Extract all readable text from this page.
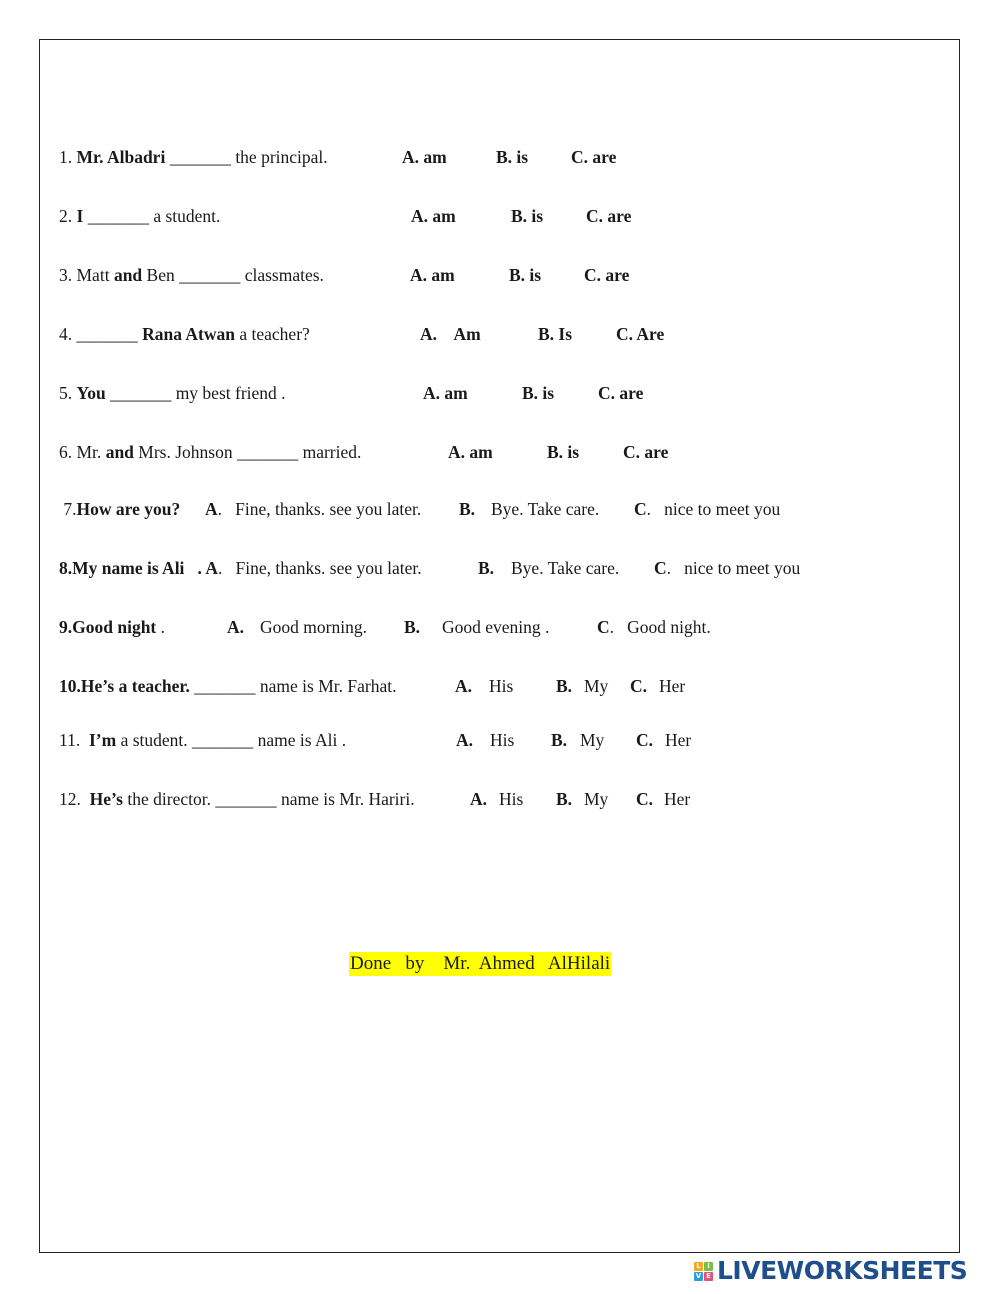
1. Mr. Albadri _______ the principal.	A. am	B. is C. are
2. I _______ a student.	A. am	B. is C. are
3. Matt and Ben _______ classmates.	A. am	B. is C. are
4. _______ Rana Atwan a teacher?	A.    Am	B. Is	C. Are
5. You _______ my best friend .	A. am	B. is	C. are
6. Mr. and Mrs. Johnson _______ married.	A. am	B. is	C. are
7.How are you? A.   Fine, thanks. see you later. B. Bye. Take care. C.   nice to meet you
8.My name is Ali   . A.   Fine, thanks. see you later.	B. Bye. Take care. C.   nice to meet you
9.Good night .	A. Good morning. B. Good evening .	C.   Good night.
10.He’s a teacher. _______ name is Mr. Farhat.	A. His B. My C. Her
11.  I’m a student. _______ name is Ali .	A. His B. My C. Her
12.  He’s the director. _______ name is Mr. Hariri.	A. His B. My C. Her
Done   by    Mr.  Ahmed   AlHilali
L I
V E LIVEWORKSHEETS
